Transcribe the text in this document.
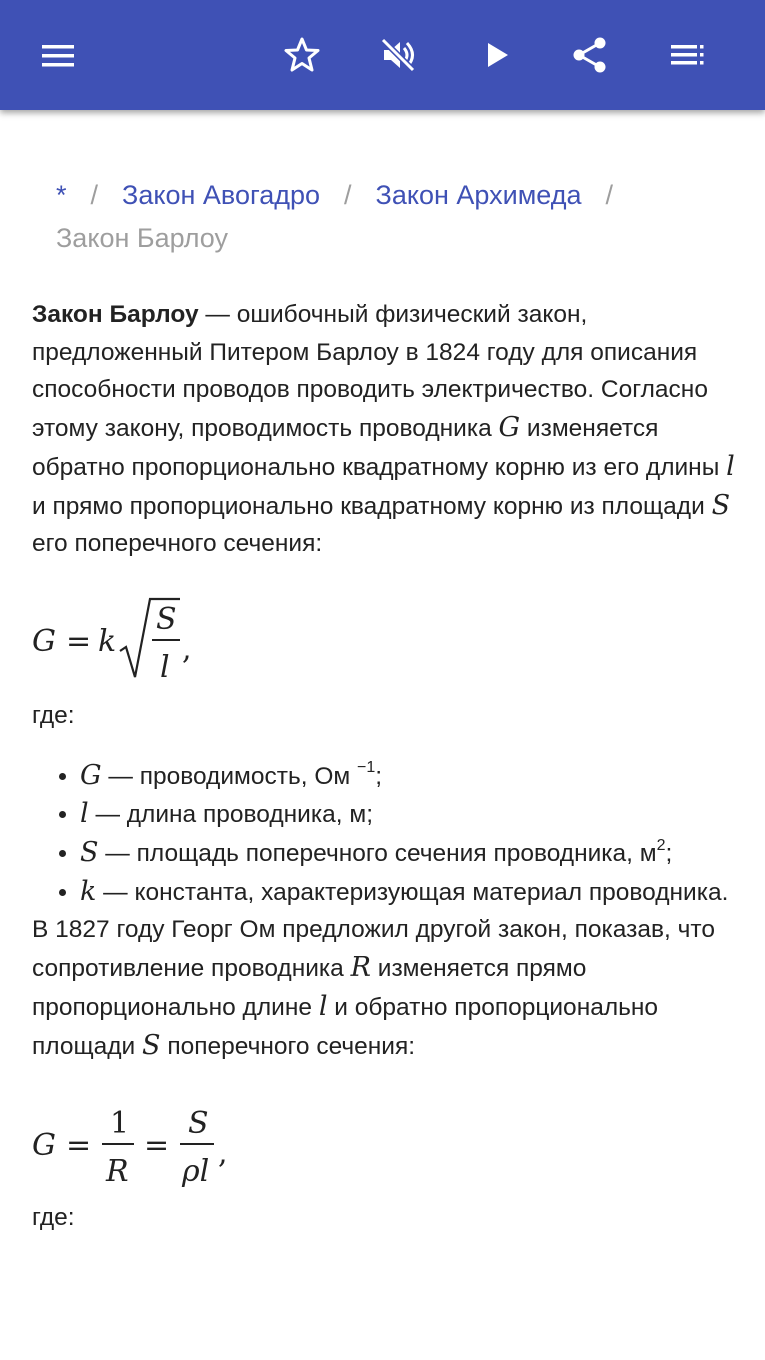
* / Закон Авогадро / Закон Архимеда /
Закон Барлоу

Закон Барлоу — ошибочный физический закон, предложенный Питером Барлоу в 1824 году для описания способности проводов проводить электричество. Согласно этому закону, проводимость проводника G изменяется обратно пропорционально квадратному корню из его длины l и прямо пропорционально квадратному корню из площади S его поперечного сечения:

G = k
S
l
,

где:

• G — проводимость, Ом $^{-1}$;
• l — длина проводника, м;
• S — площадь поперечного сечения проводника, $м^2$;
• k — константа, характеризующая материал проводника.

В 1827 году Георг Ом предложил другой закон, показав, что сопротивление проводника R изменяется прямо пропорционально длине l и обратно пропорционально площади S поперечного сечения:

G =
1
R
=
S
ρl
,

где:
